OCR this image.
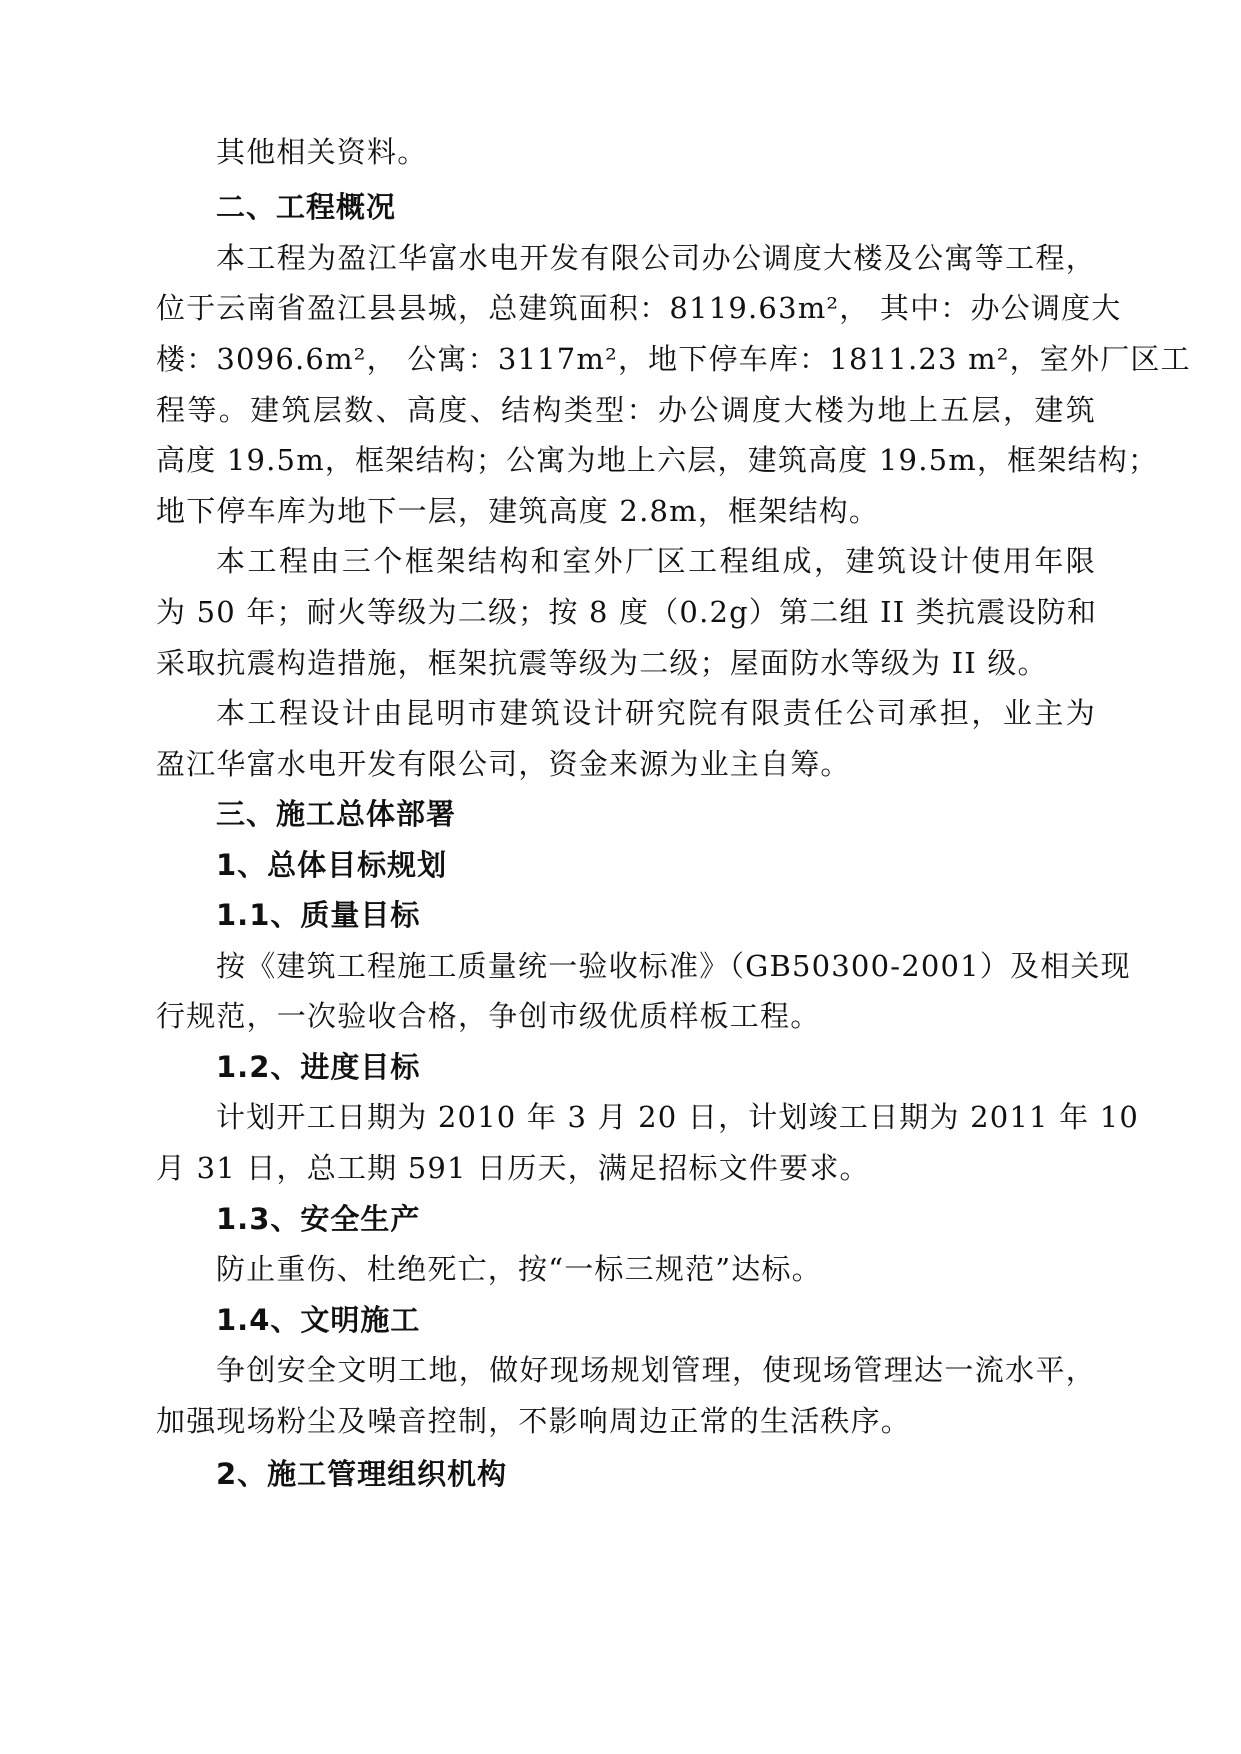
其他相关资料。
二、工程概况
本工程为盈江华富水电开发有限公司办公调度大楼及公寓等工程，
位于云南省盈江县县城，总建筑面积：8119.63m²， 其中：办公调度大
楼：3096.6m²， 公寓：3117m²，地下停车库：1811.23 m²，室外厂区工
程等。建筑层数、高度、结构类型：办公调度大楼为地上五层，建筑
高度 19.5m，框架结构；公寓为地上六层，建筑高度 19.5m，框架结构；
地下停车库为地下一层，建筑高度 2.8m，框架结构。
本工程由三个框架结构和室外厂区工程组成，建筑设计使用年限
为 50 年；耐火等级为二级；按 8 度（0.2g）第二组 II 类抗震设防和
采取抗震构造措施，框架抗震等级为二级；屋面防水等级为 II 级。
本工程设计由昆明市建筑设计研究院有限责任公司承担，业主为
盈江华富水电开发有限公司，资金来源为业主自筹。
三、施工总体部署
1、总体目标规划
1.1、质量目标
按《建筑工程施工质量统一验收标准》（GB50300-2001）及相关现
行规范，一次验收合格，争创市级优质样板工程。
1.2、进度目标
计划开工日期为 2010 年 3 月 20 日，计划竣工日期为 2011 年 10
月 31 日，总工期 591 日历天，满足招标文件要求。
1.3、安全生产
防止重伤、杜绝死亡，按“一标三规范”达标。
1.4、文明施工
争创安全文明工地，做好现场规划管理，使现场管理达一流水平，
加强现场粉尘及噪音控制，不影响周边正常的生活秩序。
2、施工管理组织机构
